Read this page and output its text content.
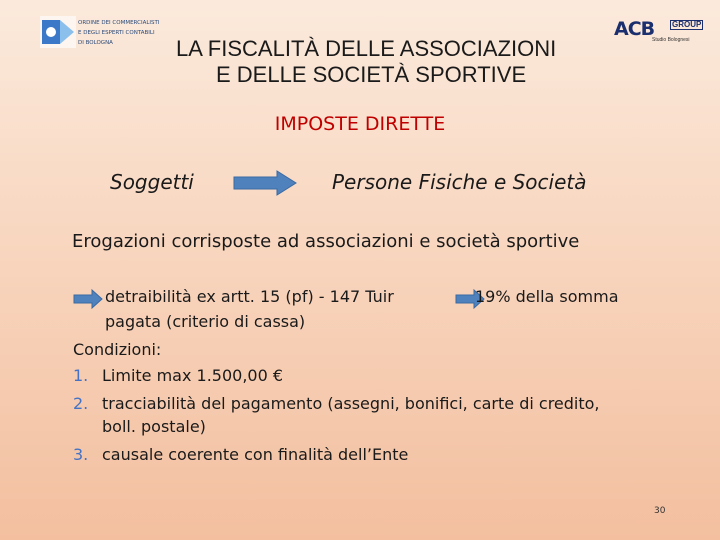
ORDINE DEI COMMERCIALISTI
E DEGLI ESPERTI CONTABILI
DI BOLOGNA
ACB GROUP
Studio Bolognesi
LA FISCALITÀ DELLE ASSOCIAZIONI
E DELLE SOCIETÀ SPORTIVE
IMPOSTE DIRETTE
Soggetti	Persone Fisiche e Società
Erogazioni corrisposte ad associazioni e società sportive
detraibilità ex artt. 15 (pf) - 147 Tuir	19% della somma
pagata (criterio di cassa)
Condizioni:
1. Limite max 1.500,00 €
2. tracciabilità del pagamento (assegni, bonifici, carte di credito,
boll. postale)
3. causale coerente con finalità dell’Ente
30
